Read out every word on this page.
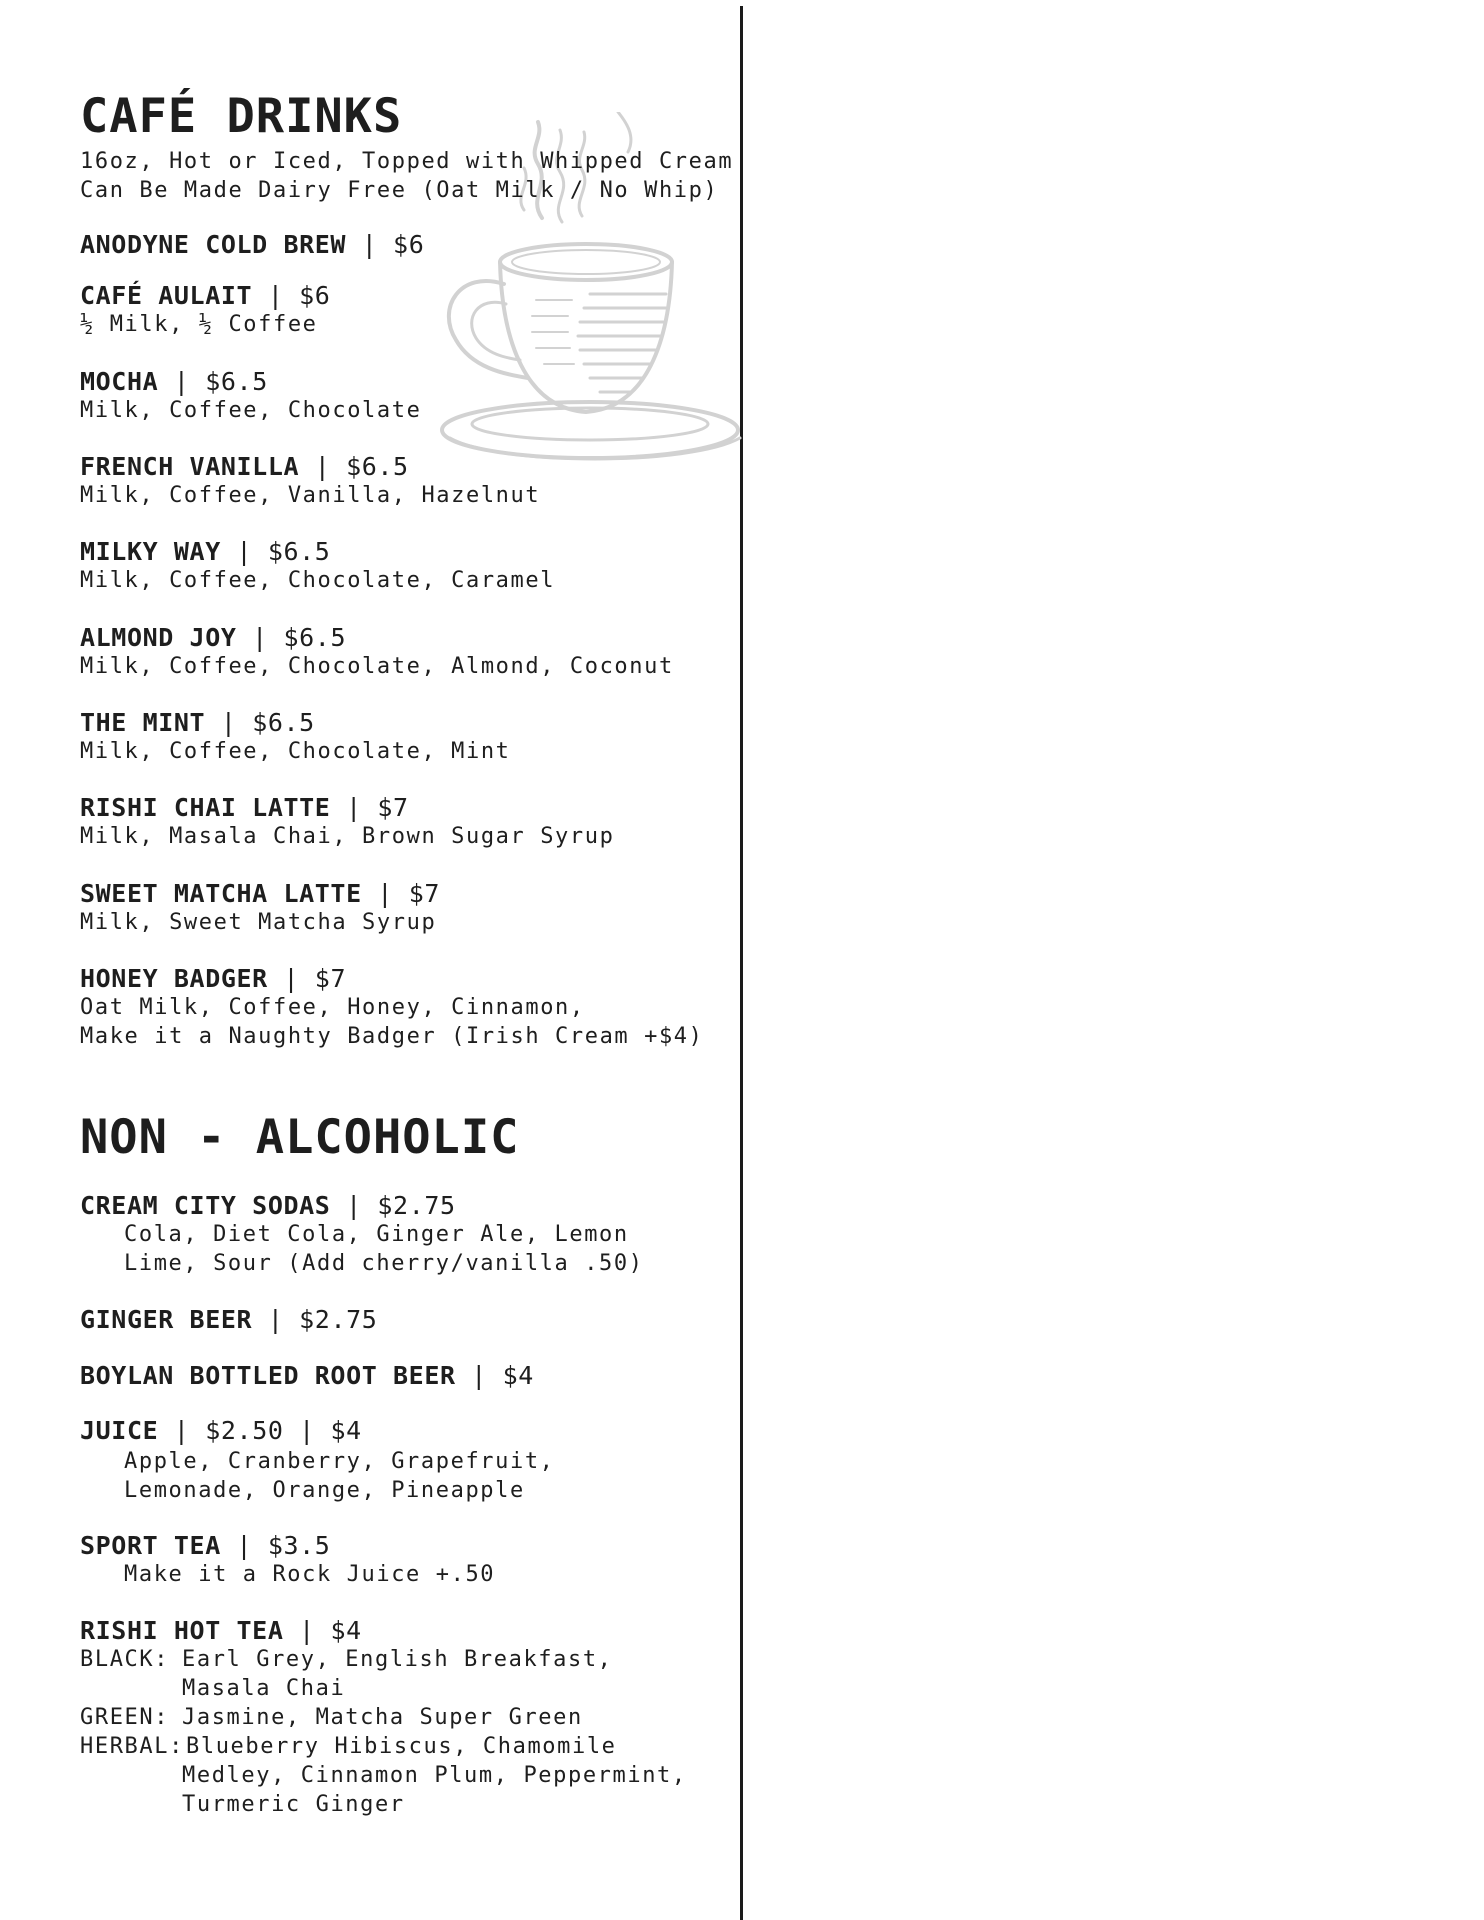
CAFÉ DRINKS
16oz, Hot or Iced, Topped with Whipped Cream
Can Be Made Dairy Free (Oat Milk / No Whip)
ANODYNE COLD BREW | $6
CAFÉ AULAIT | $6
½ Milk, ½ Coffee
MOCHA | $6.5
Milk, Coffee, Chocolate
FRENCH VANILLA | $6.5
Milk, Coffee, Vanilla, Hazelnut
MILKY WAY | $6.5
Milk, Coffee, Chocolate, Caramel
ALMOND JOY | $6.5
Milk, Coffee, Chocolate, Almond, Coconut
THE MINT | $6.5
Milk, Coffee, Chocolate, Mint
RISHI CHAI LATTE | $7
Milk, Masala Chai, Brown Sugar Syrup
SWEET MATCHA LATTE | $7
Milk, Sweet Matcha Syrup
HONEY BADGER | $7
Oat Milk, Coffee, Honey, Cinnamon,
Make it a Naughty Badger (Irish Cream +$4)
NON - ALCOHOLIC
CREAM CITY SODAS | $2.75
Cola, Diet Cola, Ginger Ale, Lemon
Lime, Sour (Add cherry/vanilla .50)
GINGER BEER | $2.75
BOYLAN BOTTLED ROOT BEER | $4
JUICE | $2.50 | $4
Apple, Cranberry, Grapefruit,
Lemonade, Orange, Pineapple
SPORT TEA | $3.5
Make it a Rock Juice +.50
RISHI HOT TEA | $4
BLACK: Earl Grey, English Breakfast,
Masala Chai
GREEN: Jasmine, Matcha Super Green
HERBAL:Blueberry Hibiscus, Chamomile
Medley, Cinnamon Plum, Peppermint,
Turmeric Ginger
